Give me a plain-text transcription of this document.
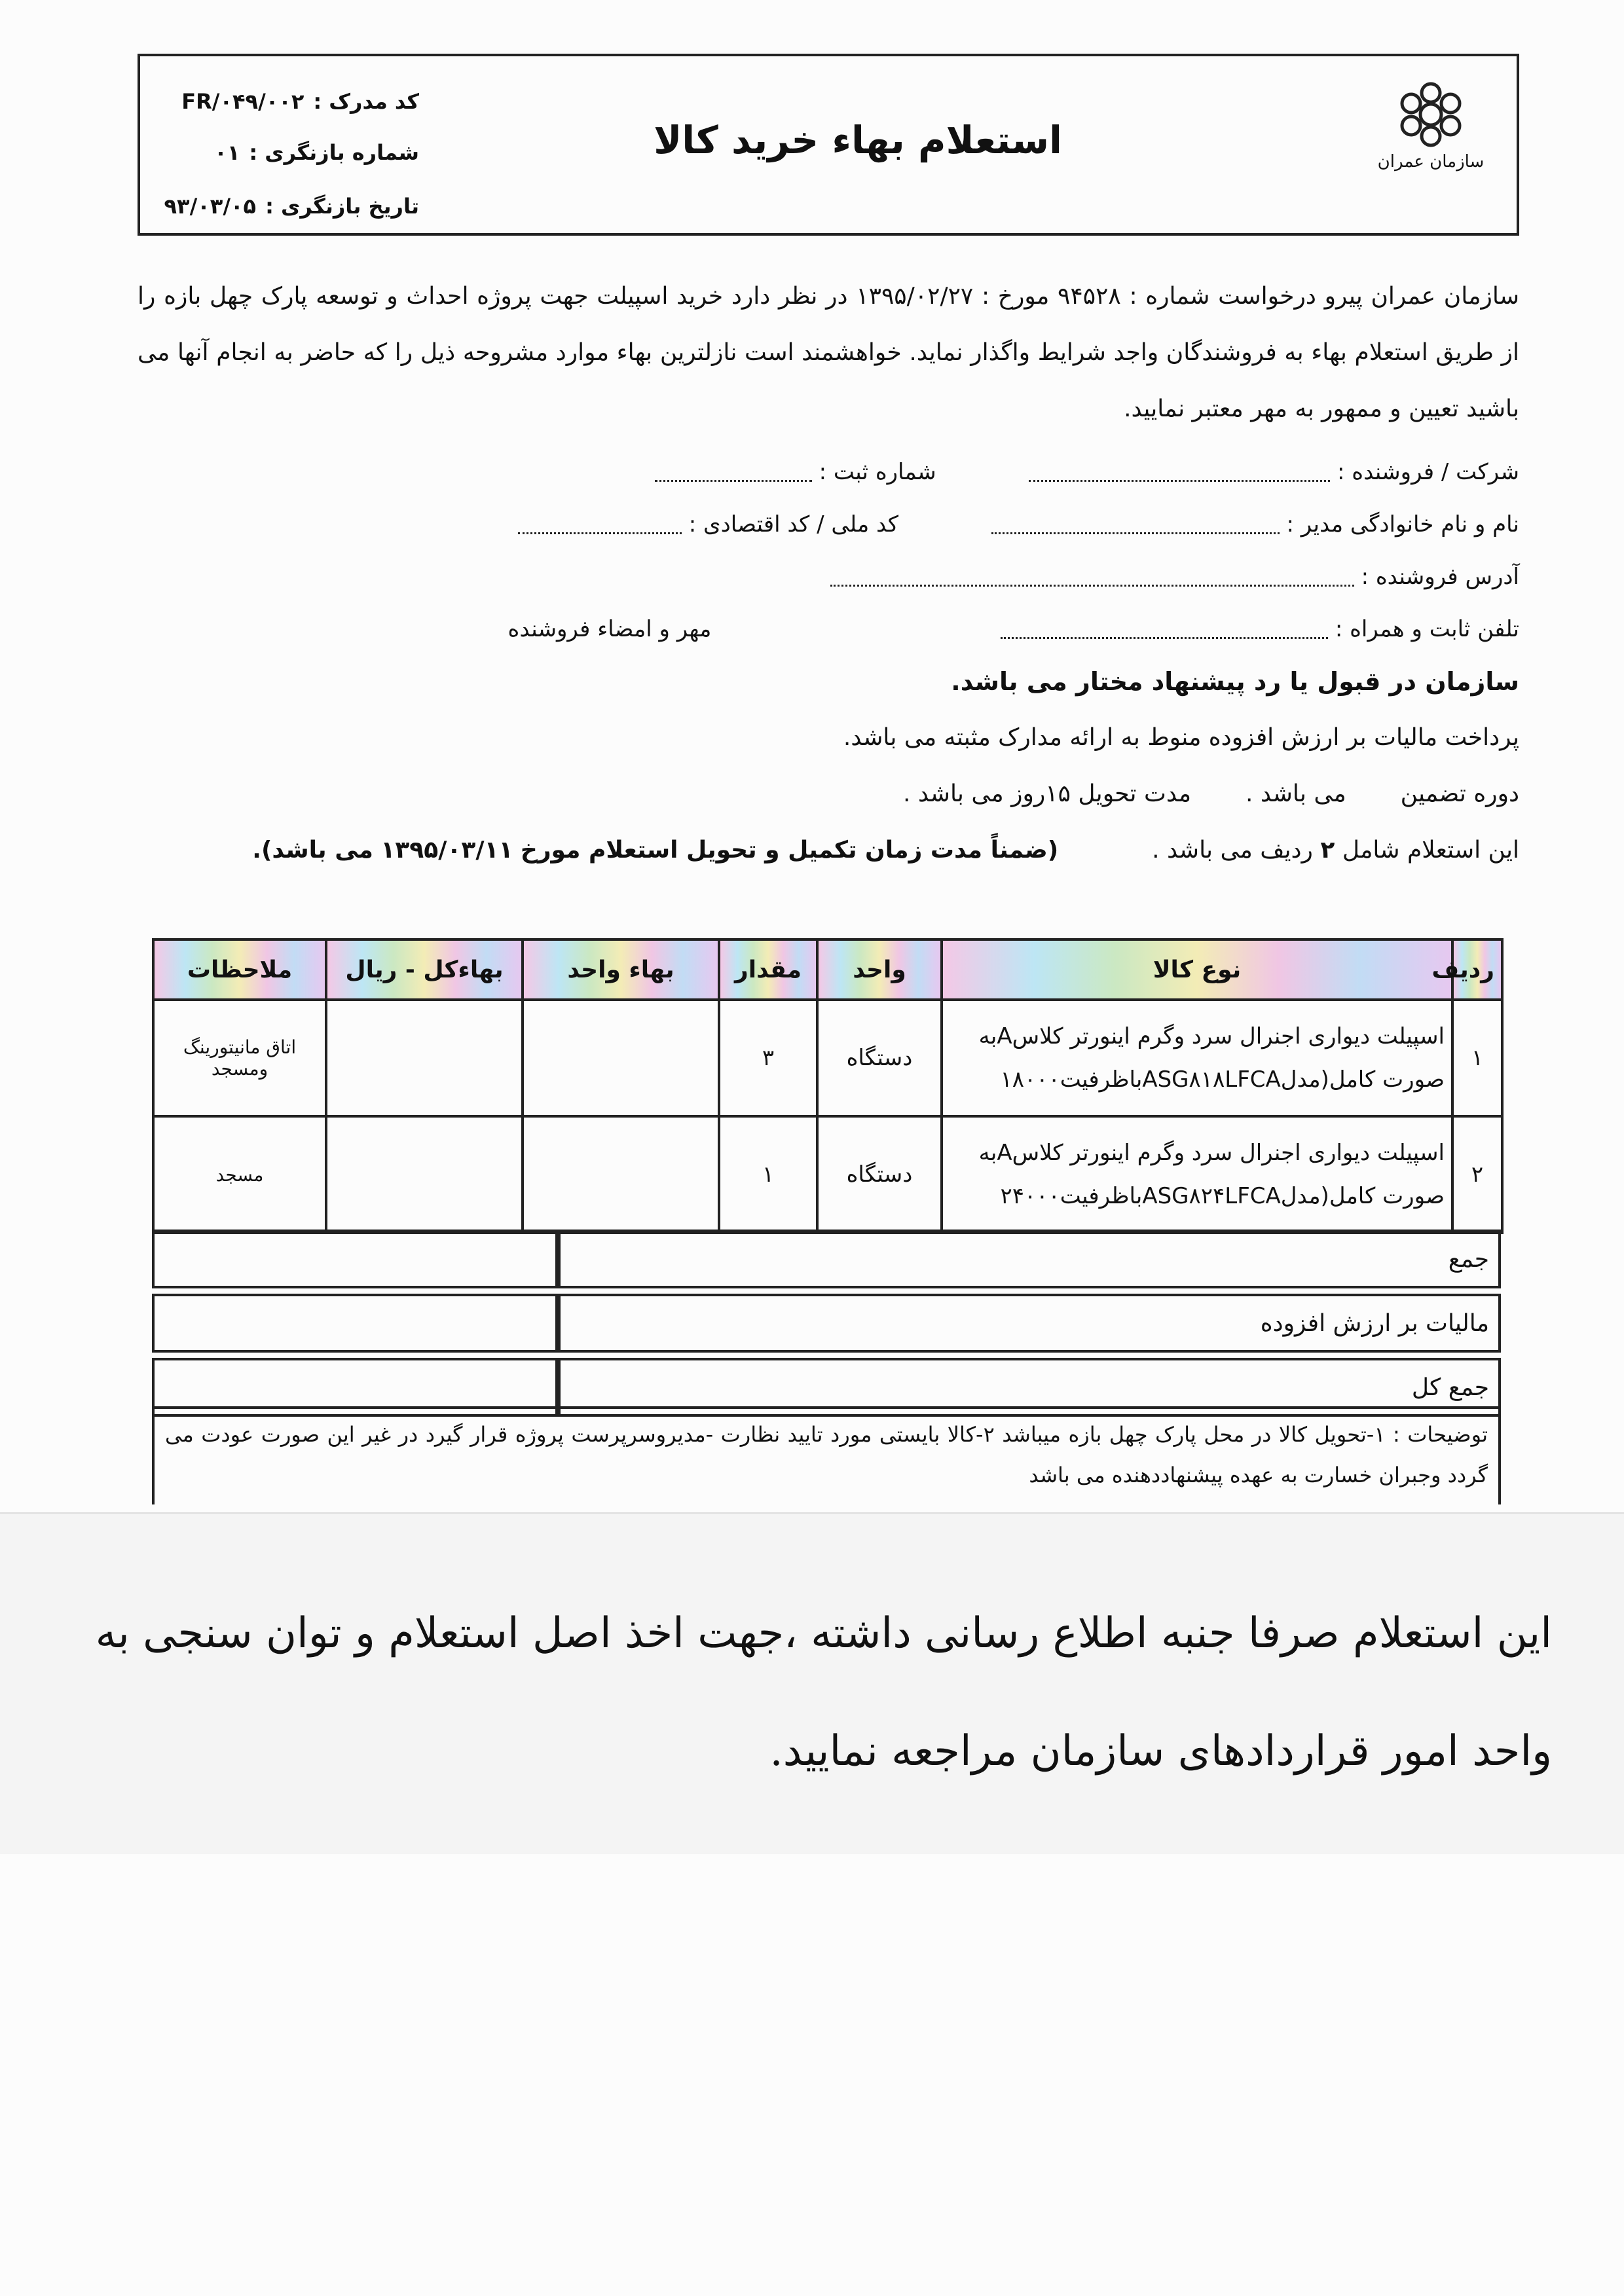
سازمان عمران
استعلام بهاء خرید کالا
کد مدرک :
FR/۰۴۹/۰۰۲
شماره بازنگری :
۰۱
تاریخ بازنگری :
۹۳/۰۳/۰۵
سازمان عمران پیرو درخواست شماره : ۹۴۵۲۸ مورخ : ۱۳۹۵/۰۲/۲۷ در نظر دارد خرید اسپیلت جهت پروژه احداث و توسعه پارک چهل بازه را از طریق استعلام بهاء به فروشندگان واجد شرایط واگذار نماید. خواهشمند است نازلترین بهاء موارد مشروحه ذیل را که حاضر به انجام آنها می باشید تعیین و ممهور به مهر معتبر نمایید.
شرکت / فروشنده :   شماره ثبت :
نام و نام خانوادگی مدیر :   کد ملی / کد اقتصادی :
آدرس فروشنده :
تلفن ثابت و همراه :   مهر و امضاء فروشنده
سازمان در قبول یا رد پیشنهاد مختار می باشد.
پرداخت مالیات بر ارزش افزوده منوط به ارائه مدارک مثبته می باشد.
دوره تضمین  می باشد .  مدت تحویل ۱۵روز می باشد .
این استعلام شامل ۲ ردیف می باشد .  (ضمناً مدت زمان تکمیل و تحویل استعلام مورخ ۱۳۹۵/۰۳/۱۱ می باشد).
ردیف	نوع کالا	واحد	مقدار	بهاء واحد	بهاءکل - ریال	ملاحظات
۱	اسپیلت دیواری اجنرال سرد وگرم اینورتر کلاسAبه
صورت کامل(مدلASG۸۱۸LFCAباظرفیت۱۸۰۰۰	دستگاه	۳			اتاق مانیتورینگ ومسجد
۲	اسپیلت دیواری اجنرال سرد وگرم اینورتر کلاسAبه
صورت کامل(مدلASG۸۲۴LFCAباظرفیت۲۴۰۰۰	دستگاه	۱			مسجد
جمع	
مالیات بر ارزش افزوده	
جمع کل	
توضیحات : ۱-تحویل کالا در محل پارک چهل بازه میباشد ۲-کالا بایستی مورد تایید نظارت -مدیروسرپرست پروژه قرار گیرد در غیر این صورت عودت می گردد وجبران خسارت به عهده پیشنهاددهنده می باشد
این استعلام صرفا جنبه اطلاع رسانی داشته ،جهت اخذ اصل استعلام و توان سنجی به واحد امور قراردادهای سازمان مراجعه نمایید.
